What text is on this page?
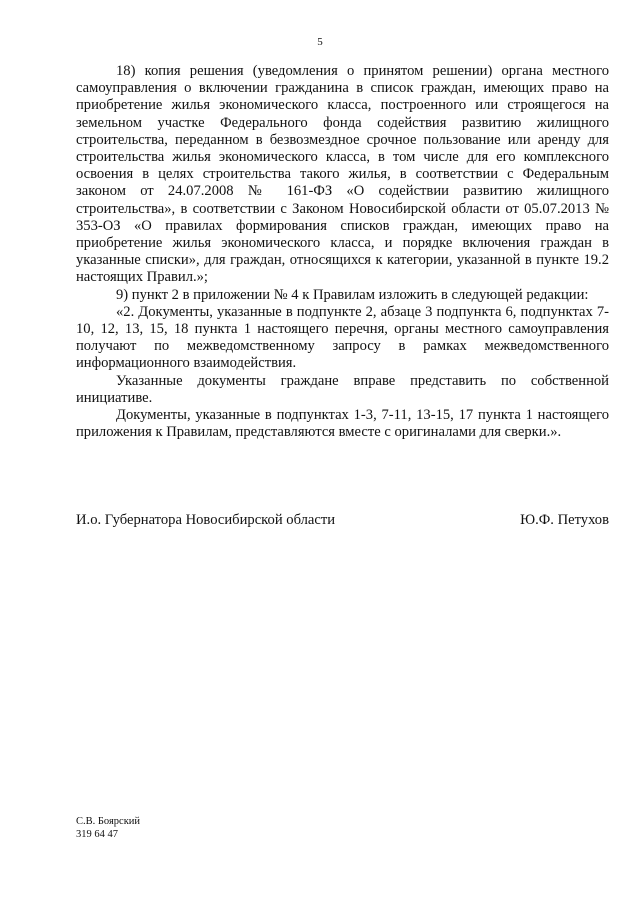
5

18) копия решения (уведомления о принятом решении) органа местного самоуправления о включении гражданина в список граждан, имеющих право на приобретение жилья экономического класса, построенного или строящегося на земельном участке Федерального фонда содействия развитию жилищного строительства, переданном в безвозмездное срочное пользование или аренду для строительства жилья экономического класса, в том числе для его комплексного освоения в целях строительства такого жилья, в соответствии с Федеральным законом от 24.07.2008 № 161-ФЗ «О содействии развитию жилищного строительства», в соответствии с Законом Новосибирской области от 05.07.2013 № 353-ОЗ «О правилах формирования списков граждан, имеющих право на приобретение жилья экономического класса, и порядке включения граждан в указанные списки», для граждан, относящихся к категории, указанной в пункте 19.2 настоящих Правил.»;

9) пункт 2 в приложении № 4 к Правилам изложить в следующей редакции:

«2. Документы, указанные в подпункте 2, абзаце 3 подпункта 6, подпунктах 7-10, 12, 13, 15, 18 пункта 1 настоящего перечня, органы местного самоуправления получают по межведомственному запросу в рамках межведомственного информационного взаимодействия.

Указанные документы граждане вправе представить по собственной инициативе.

Документы, указанные в подпунктах 1-3, 7-11, 13-15, 17 пункта 1 настоящего приложения к Правилам, представляются вместе с оригиналами для сверки.».

И.о. Губернатора Новосибирской области	Ю.Ф. Петухов
С.В. Боярский
319 64 47
